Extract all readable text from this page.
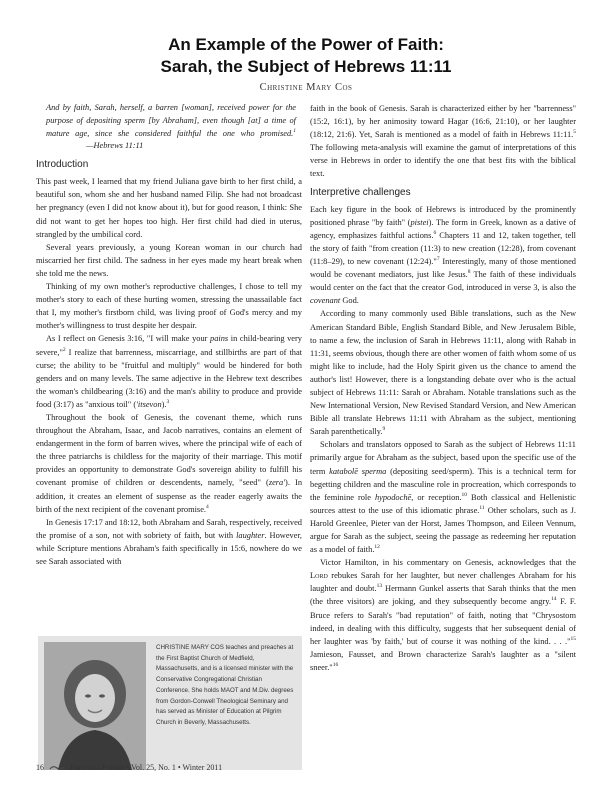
An Example of the Power of Faith:
Sarah, the Subject of Hebrews 11:11
Christine Mary Cos
And by faith, Sarah, herself, a barren [woman], received power for the purpose of depositing sperm [by Abraham], even though [at] a time of mature age, since she considered faithful the one who promised.$^1$ —Hebrews 11:11
Introduction

This past week, I learned that my friend Juliana gave birth to her first child, a beautiful son, whom she and her husband named Filip. She had not broadcast her pregnancy (even I did not know about it), but for good reason, I think: She did not want to get her hopes too high. Her first child had died in uterus, strangled by the umbilical cord.

Several years previously, a young Korean woman in our church had miscarried her first child. The sadness in her eyes made my heart break when she told me the news.

Thinking of my own mother's reproductive challenges, I chose to tell my mother's story to each of these hurting women, stressing the unassailable fact that I, my mother's firstborn child, was living proof of God's mercy and my mother's willingness to trust despite her despair.

As I reflect on Genesis 3:16, "I will make your pains in child-bearing very severe,"$^2$ I realize that barrenness, miscarriage, and stillbirths are part of that curse; the ability to be "fruitful and multiply" would be hindered for both genders and on many levels. The same adjective in the Hebrew text describes the woman's childbearing (3:16) and the man's ability to produce and provide food (3:17) as "anxious toil" ('itsevon).$^3$

Throughout the book of Genesis, the covenant theme, which runs throughout the Abraham, Isaac, and Jacob narratives, contains an element of endangerment in the form of barren wives, where the principal wife of each of the three patriarchs is childless for the majority of their marriage. This motif provides an opportunity to demonstrate God's sovereign ability to fulfill his covenant promise of children or descendents, namely, "seed" (zera'). In addition, it creates an element of suspense as the reader eagerly awaits the birth of the next recipient of the covenant promise.$^4$

In Genesis 17:17 and 18:12, both Abraham and Sarah, respectively, received the promise of a son, not with sobriety of faith, but with laughter. However, while Scripture mentions Abraham's faith specifically in 15:6, nowhere do we see Sarah associated with

CHRISTINE MARY COS teaches and preaches at the First Baptist Church of Medfield, Massachusetts, and is a licensed minister with the Conservative Congregational Christian Conference. She holds MAOT and M.Div. degrees from Gordon-Conwell Theological Seminary and has served as Minister of Education at Pilgrim Church in Beverly, Massachusetts.

faith in the book of Genesis. Sarah is characterized either by her "barrenness" (15:2, 16:1), by her animosity toward Hagar (16:6, 21:10), or her laughter (18:12, 21:6). Yet, Sarah is mentioned as a model of faith in Hebrews 11:11.$^5$ The following meta-analysis will examine the gamut of interpretations of this verse in Hebrews in order to identify the one that best fits with the biblical text.

Interpretive challenges

Each key figure in the book of Hebrews is introduced by the prominently positioned phrase "by faith" (pistei). The form in Greek, known as a dative of agency, emphasizes faithful actions.$^6$ Chapters 11 and 12, taken together, tell the story of faith "from creation (11:3) to new creation (12:28), from covenant (11:8–29), to new covenant (12:24)."$^7$ Interestingly, many of those mentioned would be covenant mediators, just like Jesus.$^8$ The faith of these individuals would center on the fact that the creator God, introduced in verse 3, is also the covenant God.

According to many commonly used Bible translations, such as the New American Standard Bible, English Standard Bible, and New Jerusalem Bible, to name a few, the inclusion of Sarah in Hebrews 11:11, along with Rahab in 11:31, seems obvious, though there are other women of faith whom some of us might like to include, had the Holy Spirit given us the chance to amend the author's list! However, there is a longstanding debate over who is the actual subject of Hebrews 11:11: Sarah or Abraham. Notable translations such as the New International Version, New Revised Standard Version, and New American Bible all translate Hebrews 11:11 with Abraham as the subject, mentioning Sarah parenthetically.$^9$

Scholars and translators opposed to Sarah as the subject of Hebrews 11:11 primarily argue for Abraham as the subject, based upon the specific use of the term katabolē sperma (depositing seed/sperm). This is a technical term for begetting children and the masculine role in procreation, which corresponds to the feminine role hypodochē, or reception.$^{10}$ Both classical and Hellenistic sources attest to the use of this idiomatic phrase.$^{11}$ Other scholars, such as J. Harold Greenlee, Pieter van der Horst, James Thompson, and Eileen Vennum, argue for Sarah as the subject, seeing the passage as redeeming her reputation as a model of faith.$^{12}$

Victor Hamilton, in his commentary on Genesis, acknowledges that the Lord rebukes Sarah for her laughter, but never challenges Abraham for his laughter and doubt.$^{13}$ Hermann Gunkel asserts that Sarah thinks that the men (the three visitors) are joking, and they subsequently become angry.$^{14}$ F. F. Bruce refers to Sarah's "bad reputation" of faith, noting that "Chrysostom indeed, in dealing with this difficulty, suggests that her subsequent denial of her laughter was 'by faith,' but of course it was nothing of the kind. . . ."$^{15}$ Jamieson, Fausset, and Brown characterize Sarah's laughter as a "silent sneer."$^{16}$

16	Priscilla Papers • Vol. 25, No. 1 • Winter 2011
